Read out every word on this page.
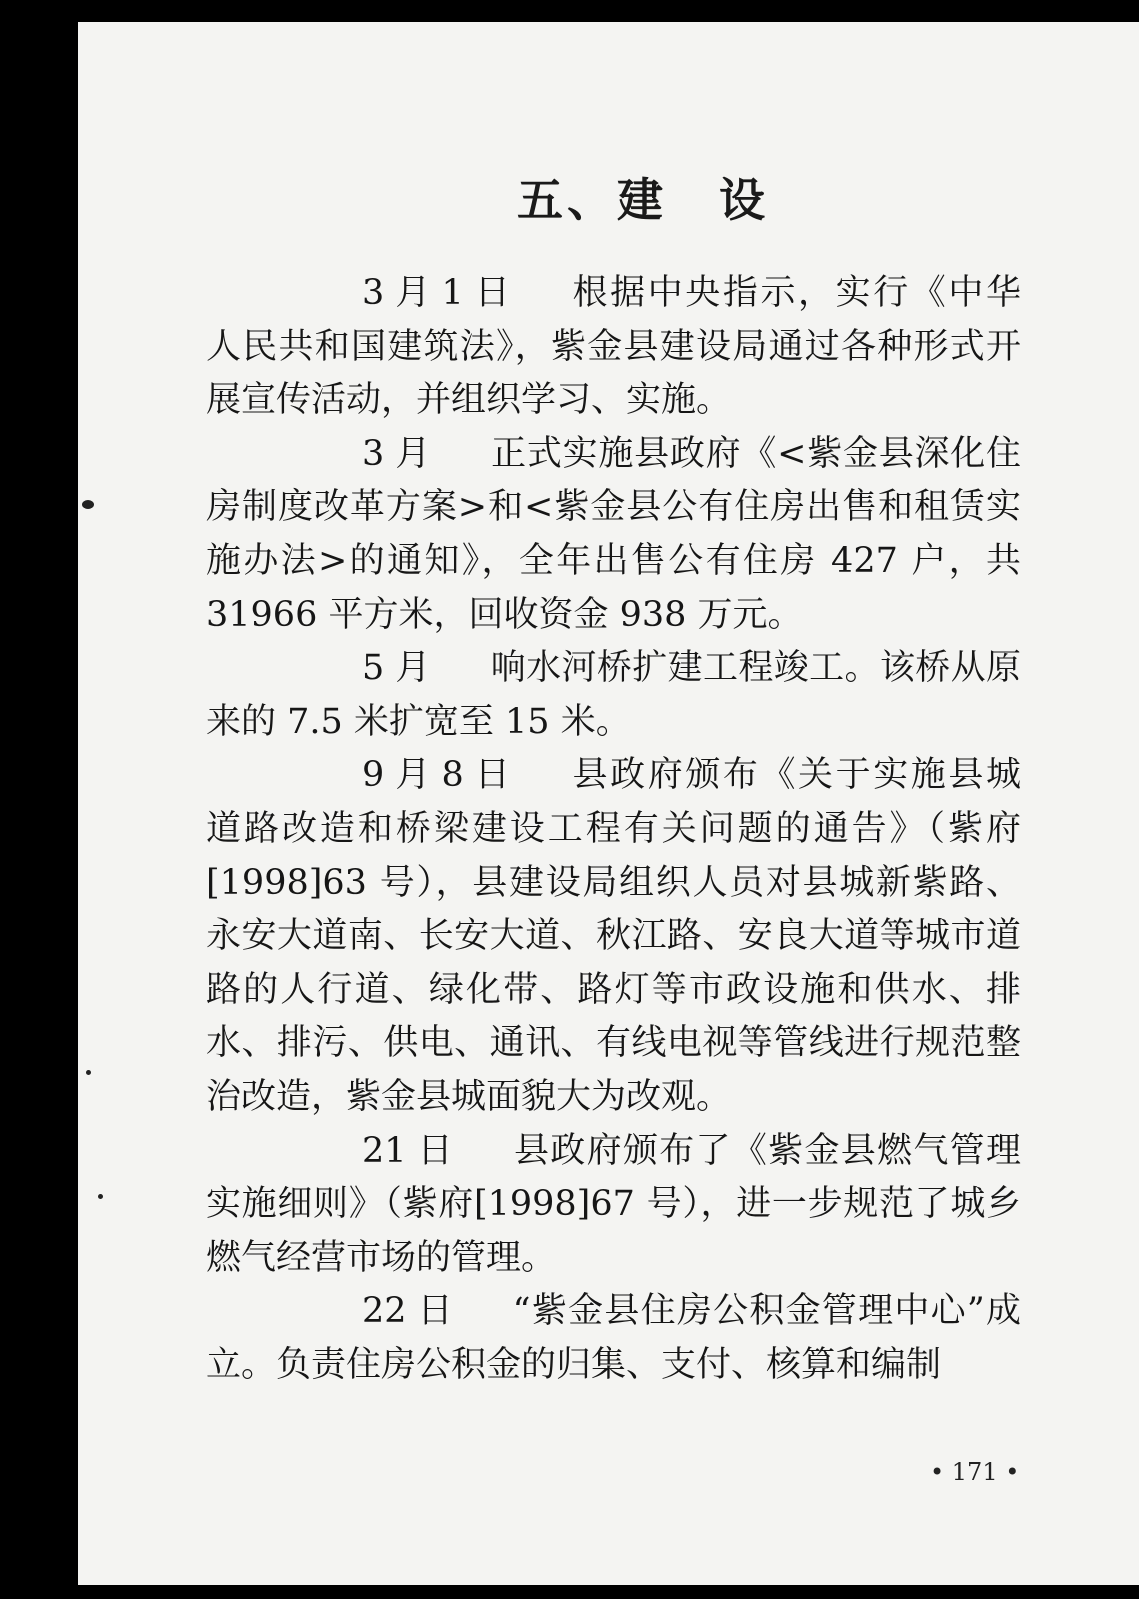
五、建 设

3 月 1 日 根据中央指示，实行《中华人民共和国建筑法》，紫金县建设局通过各种形式开展宣传活动，并组织学习、实施。

3 月 正式实施县政府《<紫金县深化住房制度改革方案>和<紫金县公有住房出售和租赁实施办法>的通知》，全年出售公有住房 427 户，共 31966 平方米，回收资金 938 万元。

5 月 响水河桥扩建工程竣工。该桥从原来的 7.5 米扩宽至 15 米。

9 月 8 日 县政府颁布《关于实施县城道路改造和桥梁建设工程有关问题的通告》（紫府[1998]63 号），县建设局组织人员对县城新紫路、永安大道南、长安大道、秋江路、安良大道等城市道路的人行道、绿化带、路灯等市政设施和供水、排水、排污、供电、通讯、有线电视等管线进行规范整治改造，紫金县城面貌大为改观。

21 日 县政府颁布了《紫金县燃气管理实施细则》（紫府[1998]67 号），进一步规范了城乡燃气经营市场的管理。

22 日 “紫金县住房公积金管理中心”成立。负责住房公积金的归集、支付、核算和编制

• 171 •
